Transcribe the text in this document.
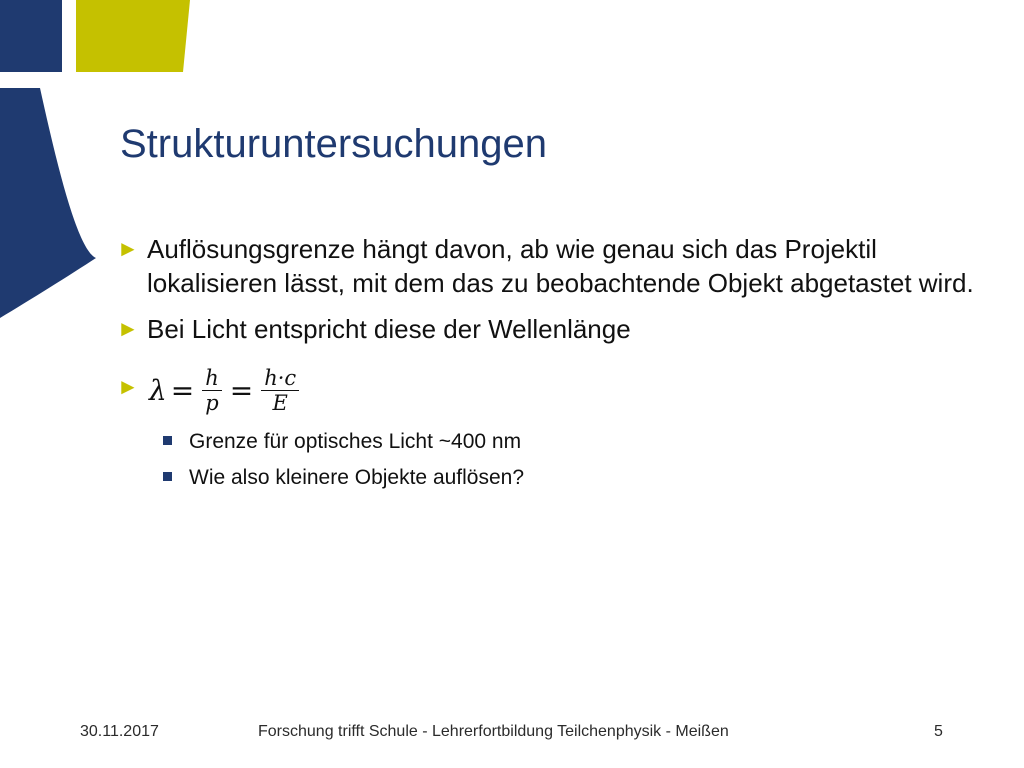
Strukturuntersuchungen
► Auflösungsgrenze hängt davon, ab wie genau sich das Projektil lokalisieren lässt, mit dem das zu beobachtende Objekt abgetastet wird.
► Bei Licht entspricht diese der Wellenlänge
► $\lambda = \frac{h}{p} = \frac{h\cdot c}{E}$
Grenze für optisches Licht ~400 nm
Wie also kleinere Objekte auflösen?
30.11.2017	Forschung trifft Schule - Lehrerfortbildung Teilchenphysik - Meißen	5
